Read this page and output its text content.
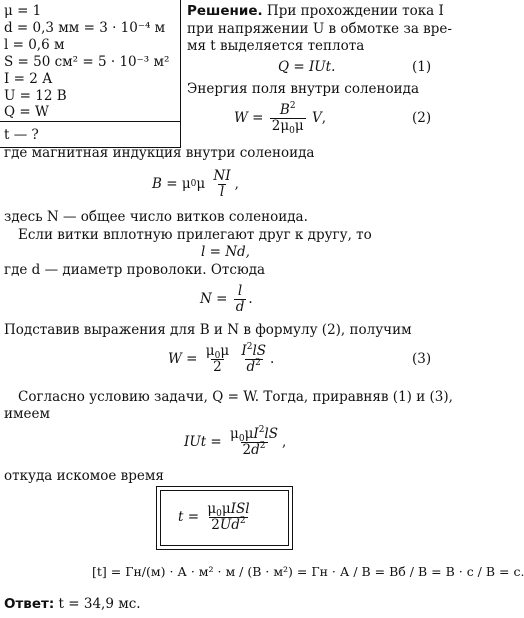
μ = 1
d = 0,3 мм = 3 · 10⁻⁴ м
l = 0,6 м
S = 50 см² = 5 · 10⁻³ м²
I = 2 А
U = 12 В
Q = W
t — ?
Решение. При прохождении тока I
при напряжении U в обмотке за вре-
мя t выделяется теплота
Q = IUt.	(1)
Энергия поля внутри соленоида
$W = \frac{B^2}{2\mu_0\mu}$
V ,	(2)
где магнитная индукция внутри соленоида
B = μ 0 μ $\frac{NI}{l}$ ,
здесь N — общее число витков соленоида.
Если витки вплотную прилегают друг к другу, то
l = Nd,
где d — диаметр проволоки. Отсюда
$N = \frac{l}{d}$ .
Подставив выражения для B и N в формулу (2), получим
$W = \frac{\mu_0\mu}{2}$
$\frac{I^2lS}{d^2}$ .	(3)
Согласно условию задачи, Q = W. Тогда, приравняв (1) и (3),
имеем
IUt = $\frac{\mu_0\mu I^2lS}{2d^2}$ ,
откуда искомое время
$t = \frac{\mu_0\mu ISl}{2Ud^2}$
[t] = Гн/(м) · А · м² · м / (В · м²) = Гн · А / В = Вб / В = В · с / В = с.
Ответ: t = 34,9 мс.
